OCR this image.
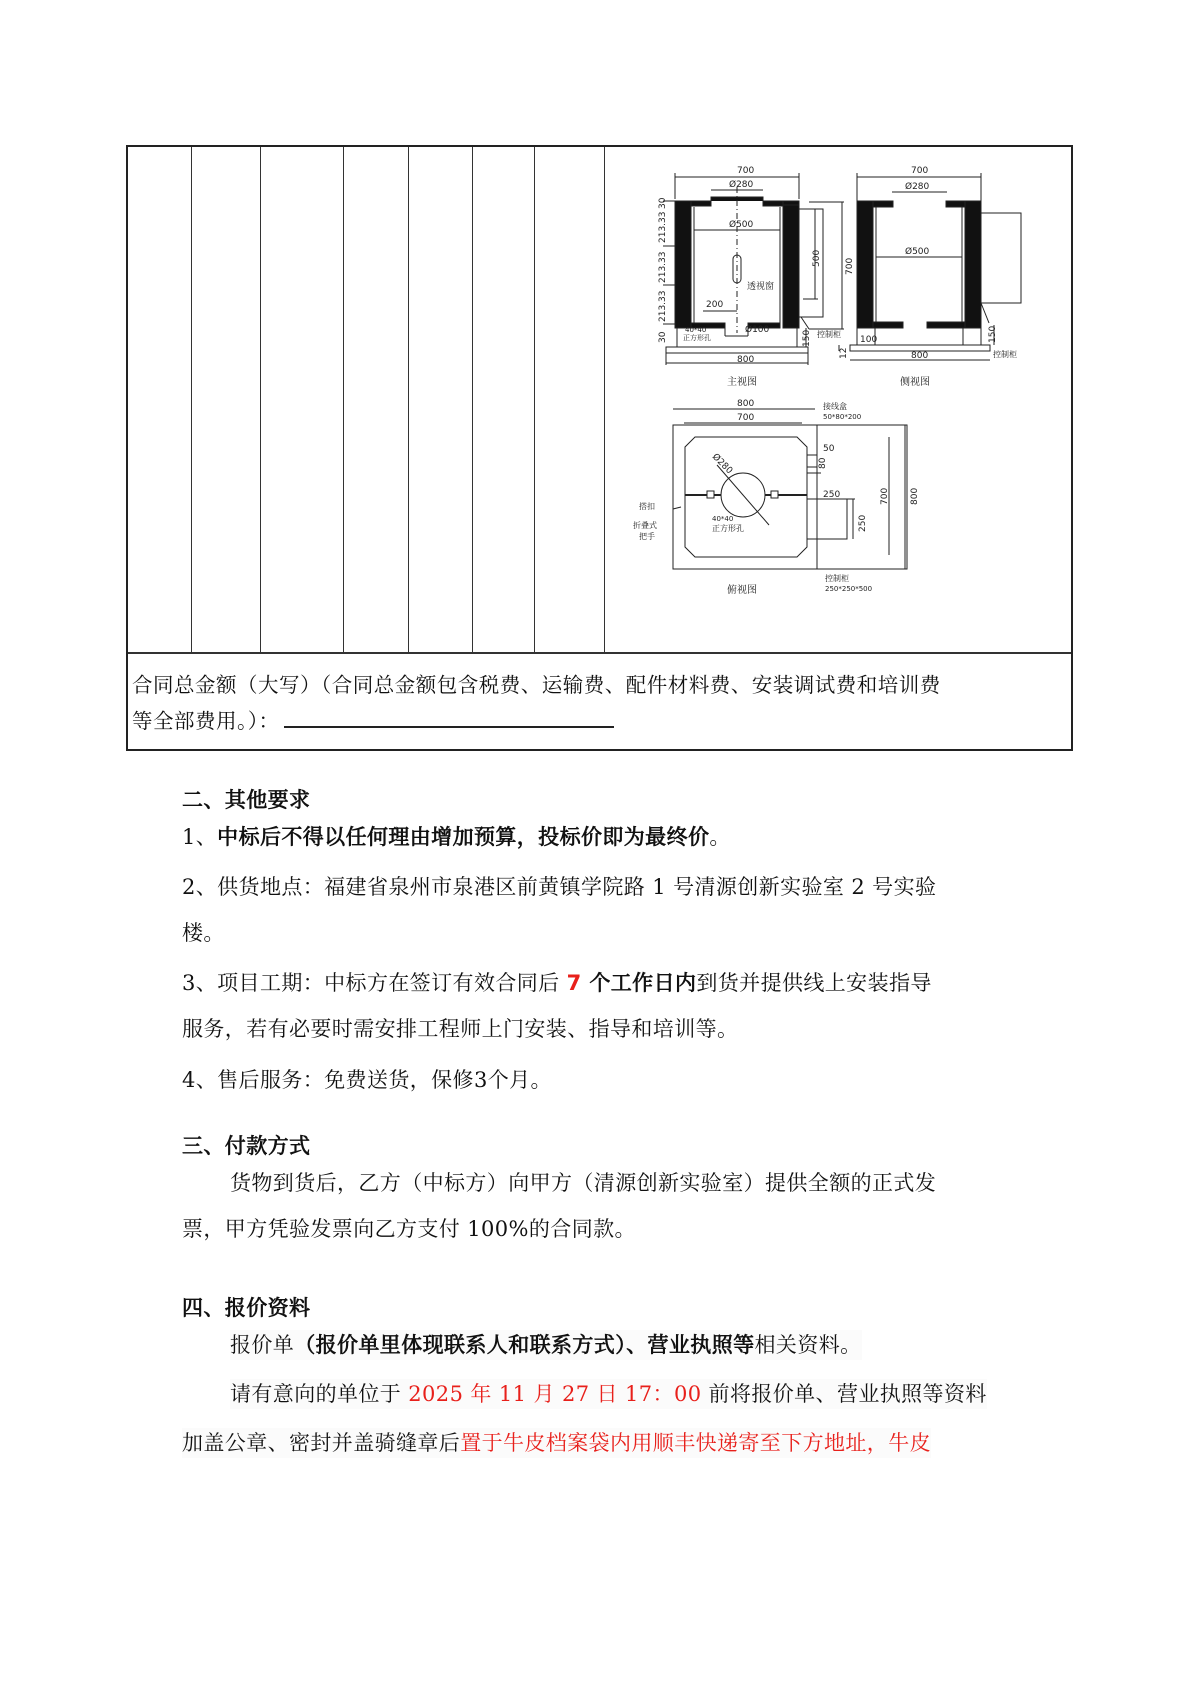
700
Ø280
Ø500
200
Ø100
800
40*40
正方形孔
透视窗
控制柜
主视图
30
213.33
213.33
213.33
30
500
150
700
Ø280
Ø500
100
800	控制柜
侧视图
700
150
12
800
700
50
250
接线盒
50*80*200
搭扣
折叠式
把手
40*40
正方形孔
控制柜
250*250*500
俯视图
Ø280	80
250
700 800
合同总金额（大写）（合同总金额包含税费、运输费、配件材料费、安装调试费和培训费
等全部费用。）：
二、其他要求
1、中标后不得以任何理由增加预算，投标价即为最终价。
2、供货地点：福建省泉州市泉港区前黄镇学院路 1 号清源创新实验室 2 号实验
楼。
3、项目工期：中标方在签订有效合同后 7 个工作日内到货并提供线上安装指导
服务，若有必要时需安排工程师上门安装、指导和培训等。
4、售后服务：免费送货，保修3个月。
三、付款方式
货物到货后，乙方（中标方）向甲方（清源创新实验室）提供全额的正式发
票，甲方凭验发票向乙方支付 100%的合同款。
四、报价资料
报价单（报价单里体现联系人和联系方式）、营业执照等相关资料。
请有意向的单位于 2025 年 11 月 27 日 17：00 前将报价单、营业执照等资料
加盖公章、密封并盖骑缝章后置于牛皮档案袋内用顺丰快递寄至下方地址，牛皮
